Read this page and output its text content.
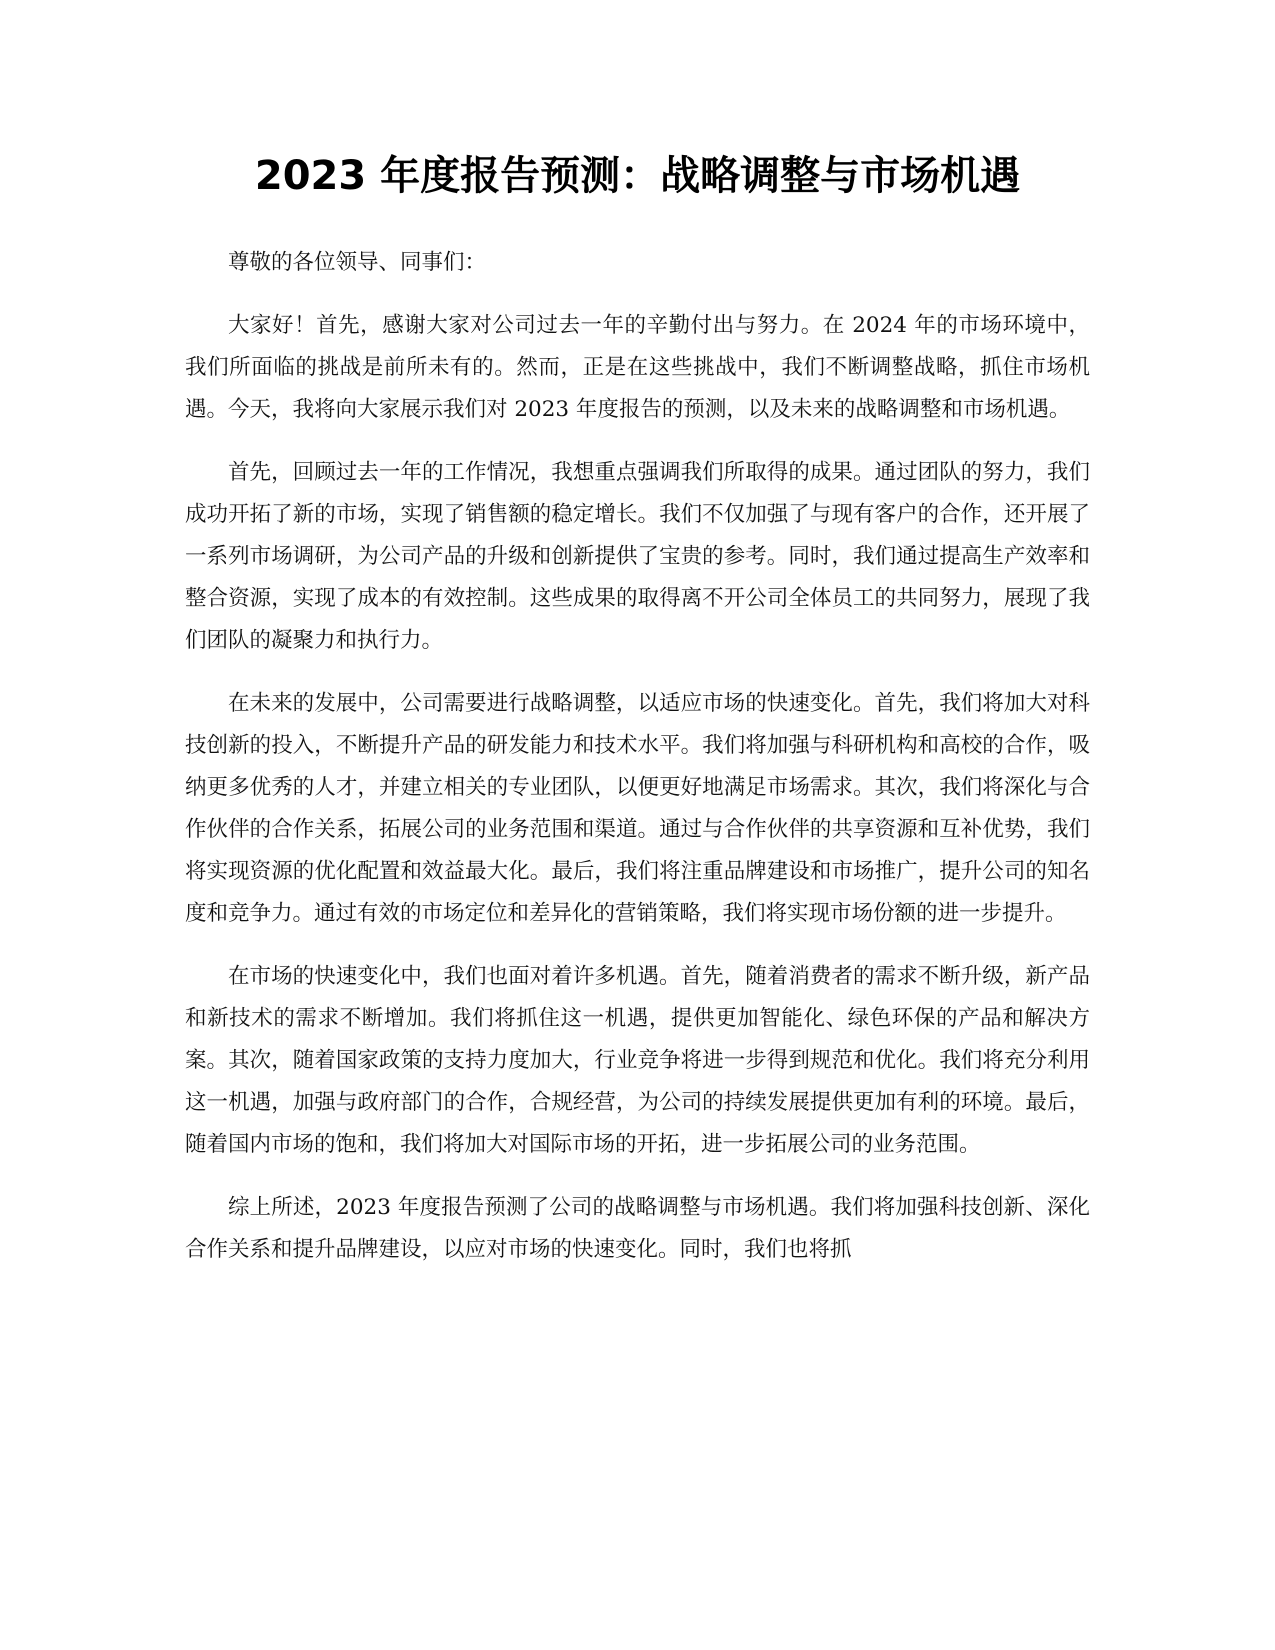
2023 年度报告预测：战略调整与市场机遇

尊敬的各位领导、同事们：

大家好！首先，感谢大家对公司过去一年的辛勤付出与努力。在 2024 年的市场环境中，我们所面临的挑战是前所未有的。然而，正是在这些挑战中，我们不断调整战略，抓住市场机遇。今天，我将向大家展示我们对 2023 年度报告的预测，以及未来的战略调整和市场机遇。

首先，回顾过去一年的工作情况，我想重点强调我们所取得的成果。通过团队的努力，我们成功开拓了新的市场，实现了销售额的稳定增长。我们不仅加强了与现有客户的合作，还开展了一系列市场调研，为公司产品的升级和创新提供了宝贵的参考。同时，我们通过提高生产效率和整合资源，实现了成本的有效控制。这些成果的取得离不开公司全体员工的共同努力，展现了我们团队的凝聚力和执行力。

在未来的发展中，公司需要进行战略调整，以适应市场的快速变化。首先，我们将加大对科技创新的投入，不断提升产品的研发能力和技术水平。我们将加强与科研机构和高校的合作，吸纳更多优秀的人才，并建立相关的专业团队，以便更好地满足市场需求。其次，我们将深化与合作伙伴的合作关系，拓展公司的业务范围和渠道。通过与合作伙伴的共享资源和互补优势，我们将实现资源的优化配置和效益最大化。最后，我们将注重品牌建设和市场推广，提升公司的知名度和竞争力。通过有效的市场定位和差异化的营销策略，我们将实现市场份额的进一步提升。

在市场的快速变化中，我们也面对着许多机遇。首先，随着消费者的需求不断升级，新产品和新技术的需求不断增加。我们将抓住这一机遇，提供更加智能化、绿色环保的产品和解决方案。其次，随着国家政策的支持力度加大，行业竞争将进一步得到规范和优化。我们将充分利用这一机遇，加强与政府部门的合作，合规经营，为公司的持续发展提供更加有利的环境。最后，随着国内市场的饱和，我们将加大对国际市场的开拓，进一步拓展公司的业务范围。

综上所述，2023 年度报告预测了公司的战略调整与市场机遇。我们将加强科技创新、深化合作关系和提升品牌建设，以应对市场的快速变化。同时，我们也将抓
